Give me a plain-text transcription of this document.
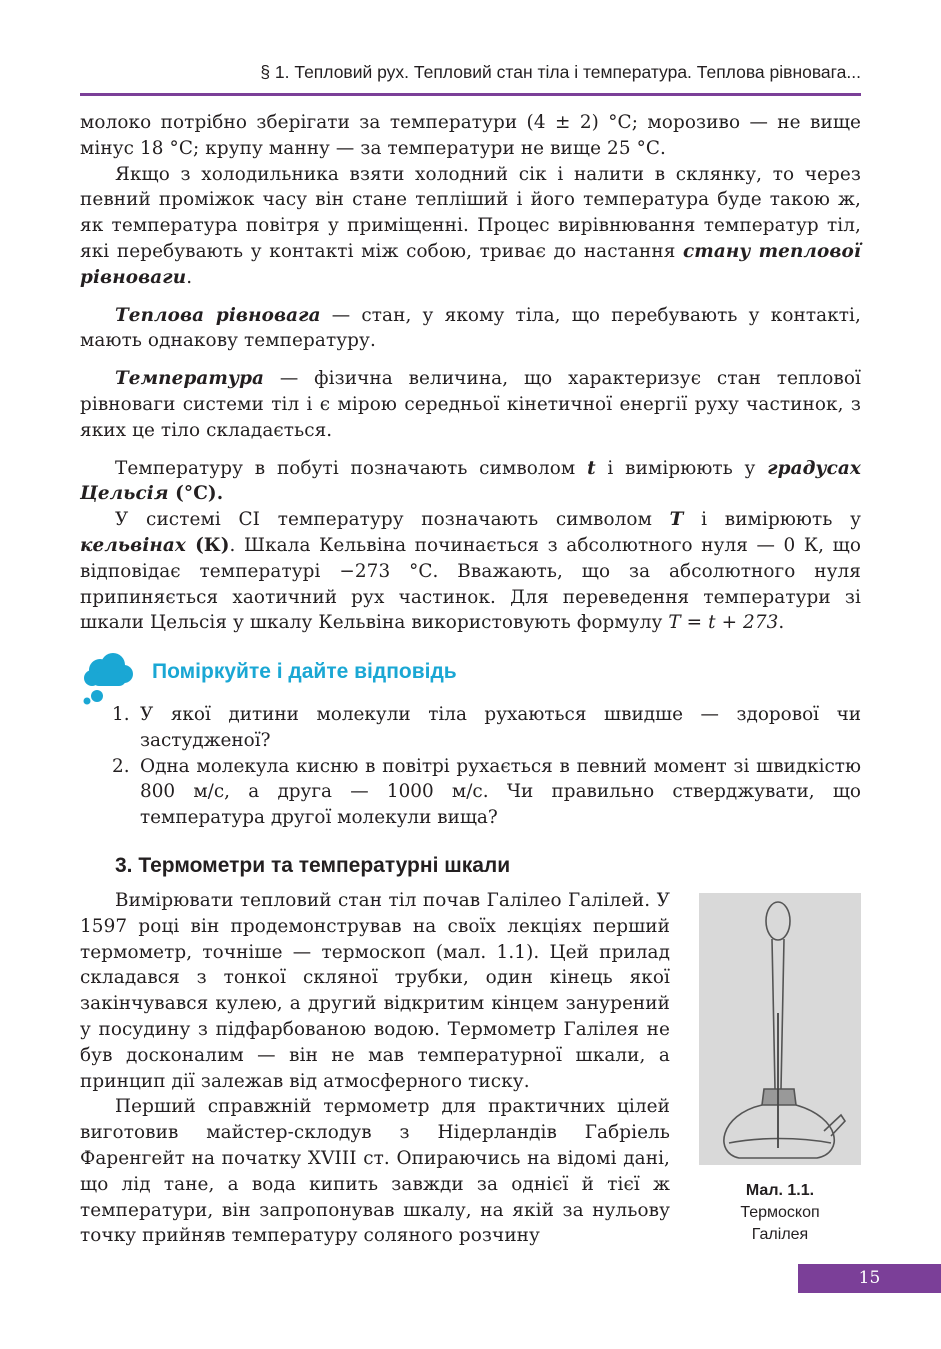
§ 1. Тепловий рух. Тепловий стан тіла і температура. Теплова рівновага...

молоко потрібно зберігати за температури (4 ± 2) °С; морозиво — не вище мінус 18 °С; крупу манну — за температури не вище 25 °С.

Якщо з холодильника взяти холодний сік і налити в склянку, то через певний проміжок часу він стане тепліший і його температура буде такою ж, як температура повітря у приміщенні. Процес вирівнювання температур тіл, які перебувають у контакті між собою, триває до настання стану теплової рівноваги.

Теплова рівновага — стан, у якому тіла, що перебувають у контакті, мають однакову температуру.

Температура — фізична величина, що характеризує стан теплової рівноваги системи тіл і є мірою середньої кінетичної енергії руху частинок, з яких це тіло складається.

Температуру в побуті позначають символом t і вимірюють у градусах Цельсія (°С).

У системі СІ температуру позначають символом T і вимірюють у кельвінах (К). Шкала Кельвіна починається з абсолютного нуля — 0 К, що відповідає температурі −273 °С. Вважають, що за абсолютного нуля припиняється хаотичний рух частинок. Для переведення температури зі шкали Цельсія у шкалу Кельвіна використовують формулу T = t + 273.

Поміркуйте і дайте відповідь
1. У якої дитини молекули тіла рухаються швидше — здорової чи застудженої?
2. Одна молекула кисню в повітрі рухається в певний момент зі швидкістю 800 м/с, а друга — 1000 м/с. Чи правильно стверджувати, що температура другої молекули вища?
3. Термометри та температурні шкали

Вимірювати тепловий стан тіл почав Галілео Галілей. У 1597 році він продемонстрував на своїх лекціях перший термометр, точніше — термоскоп (мал. 1.1). Цей прилад складався з тонкої скляної трубки, один кінець якої закінчувався кулею, а другий відкритим кінцем занурений у посудину з підфарбованою водою. Термометр Галілея не був досконалим — він не мав температурної шкали, а принцип дії залежав від атмосферного тиску.

Перший справжній термометр для практичних цілей виготовив майстер-склодув з Нідерландів Габріель Фаренгейт на початку XVIII ст. Опираючись на відомі дані, що лід тане, а вода кипить завжди за однієї й тієї ж температури, він запропонував шкалу, на якій за нульову точку прийняв температуру соляного розчину

Мал. 1.1.
Термоскоп
Галілея
15
